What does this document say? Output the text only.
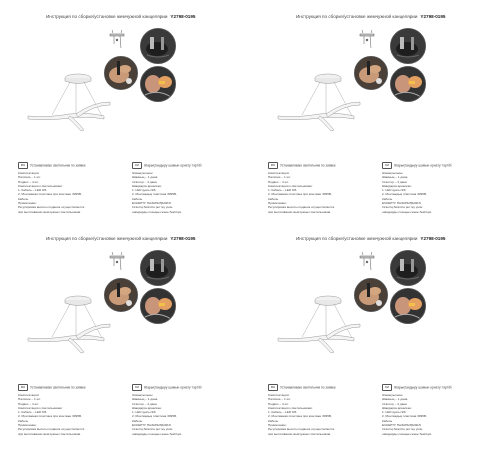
Инструкция по сборке/установке жемчужной канцелярии Y2798-0195
RU Устанавливаю светильник по заявке
Комплектация:
Наличие – 1 шт.
Подвес – 4 шт.
Комплектация к светильникам:
1. Кабель – LED 9/6
2. Монтажная пластина при монтаже 3095В,
Кабель
Примечание:
Регулировка высоты подвеса осуществляется
при вытягивании жемчужных светильников.
KZ Жарықтандыру шамын орнату тәртібі
Жинақтылығы:
Шамның – 1 дана
Ілгіштер – 4 дана
Шамдарға арналған:
1. LED қуаты 9/6
2. Монтаждық пластина 3095В,
Кабель
ЕСКЕРТУ НАЗАРЫҢЫЗҒА!
Ілгіштің биіктігін реттеу үшін
шамдарды созыңыз және бекітіңіз.
Инструкция по сборке/установке жемчужной канцелярии Y2798-0195
RU Устанавливаю светильник по заявке
Комплектация:
Наличие – 1 шт.
Подвес – 4 шт.
Комплектация к светильникам:
1. Кабель – LED 9/6
2. Монтажная пластина при монтаже 3095В,
Кабель
Примечание:
Регулировка высоты подвеса осуществляется
при вытягивании жемчужных светильников.
KZ Жарықтандыру шамын орнату тәртібі
Жинақтылығы:
Шамның – 1 дана
Ілгіштер – 4 дана
Шамдарға арналған:
1. LED қуаты 9/6
2. Монтаждық пластина 3095В,
Кабель
ЕСКЕРТУ НАЗАРЫҢЫЗҒА!
Ілгіштің биіктігін реттеу үшін
шамдарды созыңыз және бекітіңіз.
Инструкция по сборке/установке жемчужной канцелярии Y2798-0195
RU Устанавливаю светильник по заявке
Комплектация:
Наличие – 1 шт.
Подвес – 4 шт.
Комплектация к светильникам:
1. Кабель – LED 9/6
2. Монтажная пластина при монтаже 3095В,
Кабель
Примечание:
Регулировка высоты подвеса осуществляется
при вытягивании жемчужных светильников.
KZ Жарықтандыру шамын орнату тәртібі
Жинақтылығы:
Шамның – 1 дана
Ілгіштер – 4 дана
Шамдарға арналған:
1. LED қуаты 9/6
2. Монтаждық пластина 3095В,
Кабель
ЕСКЕРТУ НАЗАРЫҢЫЗҒА!
Ілгіштің биіктігін реттеу үшін
шамдарды созыңыз және бекітіңіз.
Инструкция по сборке/установке жемчужной канцелярии Y2798-0195
RU Устанавливаю светильник по заявке
Комплектация:
Наличие – 1 шт.
Подвес – 4 шт.
Комплектация к светильникам:
1. Кабель – LED 9/6
2. Монтажная пластина при монтаже 3095В,
Кабель
Примечание:
Регулировка высоты подвеса осуществляется
при вытягивании жемчужных светильников.
KZ Жарықтандыру шамын орнату тәртібі
Жинақтылығы:
Шамның – 1 дана
Ілгіштер – 4 дана
Шамдарға арналған:
1. LED қуаты 9/6
2. Монтаждық пластина 3095В,
Кабель
ЕСКЕРТУ НАЗАРЫҢЫЗҒА!
Ілгіштің биіктігін реттеу үшін
шамдарды созыңыз және бекітіңіз.
